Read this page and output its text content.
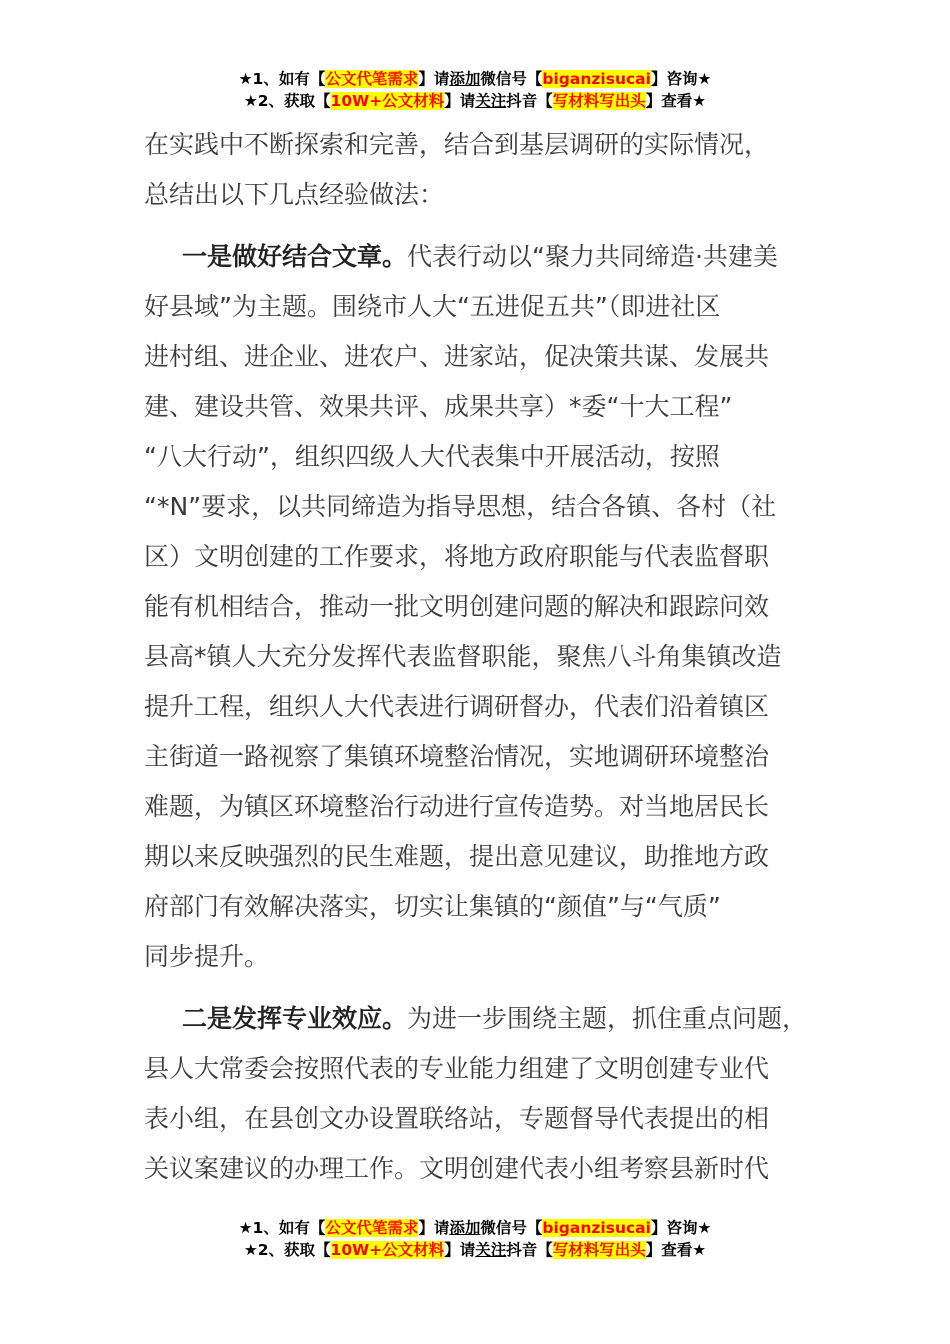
★1、如有【公文代笔需求】请添加微信号【biganzisucai】咨询★
★2、获取【10W+公文材料】请关注抖音【写材料写出头】查看★

在实践中不断探索和完善，结合到基层调研的实际情况，

总结出以下几点经验做法：

一是做好结合文章。代表行动以“聚力共同缔造·共建美

好县域”为主题。围绕市人大“五进促五共”（即进社区

进村组、进企业、进农户、进家站，促决策共谋、发展共

建、建设共管、效果共评、成果共享）*委“十大工程”

“八大行动”，组织四级人大代表集中开展活动，按照

“*N”要求，以共同缔造为指导思想，结合各镇、各村（社

区）文明创建的工作要求，将地方政府职能与代表监督职

能有机相结合，推动一批文明创建问题的解决和跟踪问效

县高*镇人大充分发挥代表监督职能，聚焦八斗角集镇改造

提升工程，组织人大代表进行调研督办，代表们沿着镇区

主街道一路视察了集镇环境整治情况，实地调研环境整治

难题，为镇区环境整治行动进行宣传造势。对当地居民长

期以来反映强烈的民生难题，提出意见建议，助推地方政

府部门有效解决落实，切实让集镇的“颜值”与“气质”

同步提升。

二是发挥专业效应。为进一步围绕主题，抓住重点问题，

县人大常委会按照代表的专业能力组建了文明创建专业代

表小组，在县创文办设置联络站，专题督导代表提出的相

关议案建议的办理工作。文明创建代表小组考察县新时代

★1、如有【公文代笔需求】请添加微信号【biganzisucai】咨询★
★2、获取【10W+公文材料】请关注抖音【写材料写出头】查看★
